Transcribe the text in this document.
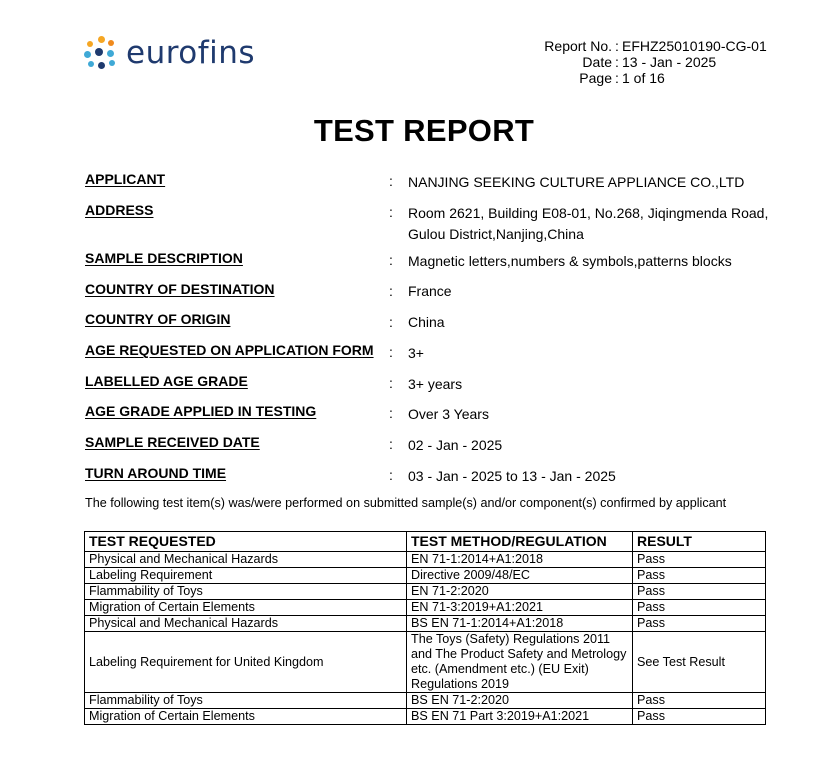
eurofins	Report No. : EFHZ25010190-CG-01
Date : 13 - Jan - 2025
Page : 1 of 16
TEST REPORT
APPLICANT	: NANJING SEEKING CULTURE APPLIANCE CO.,LTD
ADDRESS	: Room 2621, Building E08-01, No.268, Jiqingmenda Road, Gulou District,Nanjing,China
SAMPLE DESCRIPTION	: Magnetic letters,numbers & symbols,patterns blocks
COUNTRY OF DESTINATION	: France
COUNTRY OF ORIGIN	: China
AGE REQUESTED ON APPLICATION FORM : 3+
LABELLED AGE GRADE	: 3+ years
AGE GRADE APPLIED IN TESTING	: Over 3 Years
SAMPLE RECEIVED DATE	: 02 - Jan - 2025
TURN AROUND TIME	: 03 - Jan - 2025 to 13 - Jan - 2025
The following test item(s) was/were performed on submitted sample(s) and/or component(s) confirmed by applicant
TEST REQUESTED	TEST METHOD/REGULATION	RESULT
Physical and Mechanical Hazards	EN 71-1:2014+A1:2018	Pass
Labeling Requirement	Directive 2009/48/EC	Pass
Flammability of Toys	EN 71-2:2020	Pass
Migration of Certain Elements	EN 71-3:2019+A1:2021	Pass
Physical and Mechanical Hazards	BS EN 71-1:2014+A1:2018	Pass
Labeling Requirement for United Kingdom	The Toys (Safety) Regulations 2011 and The Product Safety and Metrology etc. (Amendment etc.) (EU Exit) Regulations 2019	See Test Result
Flammability of Toys	BS EN 71-2:2020	Pass
Migration of Certain Elements	BS EN 71 Part 3:2019+A1:2021	Pass
